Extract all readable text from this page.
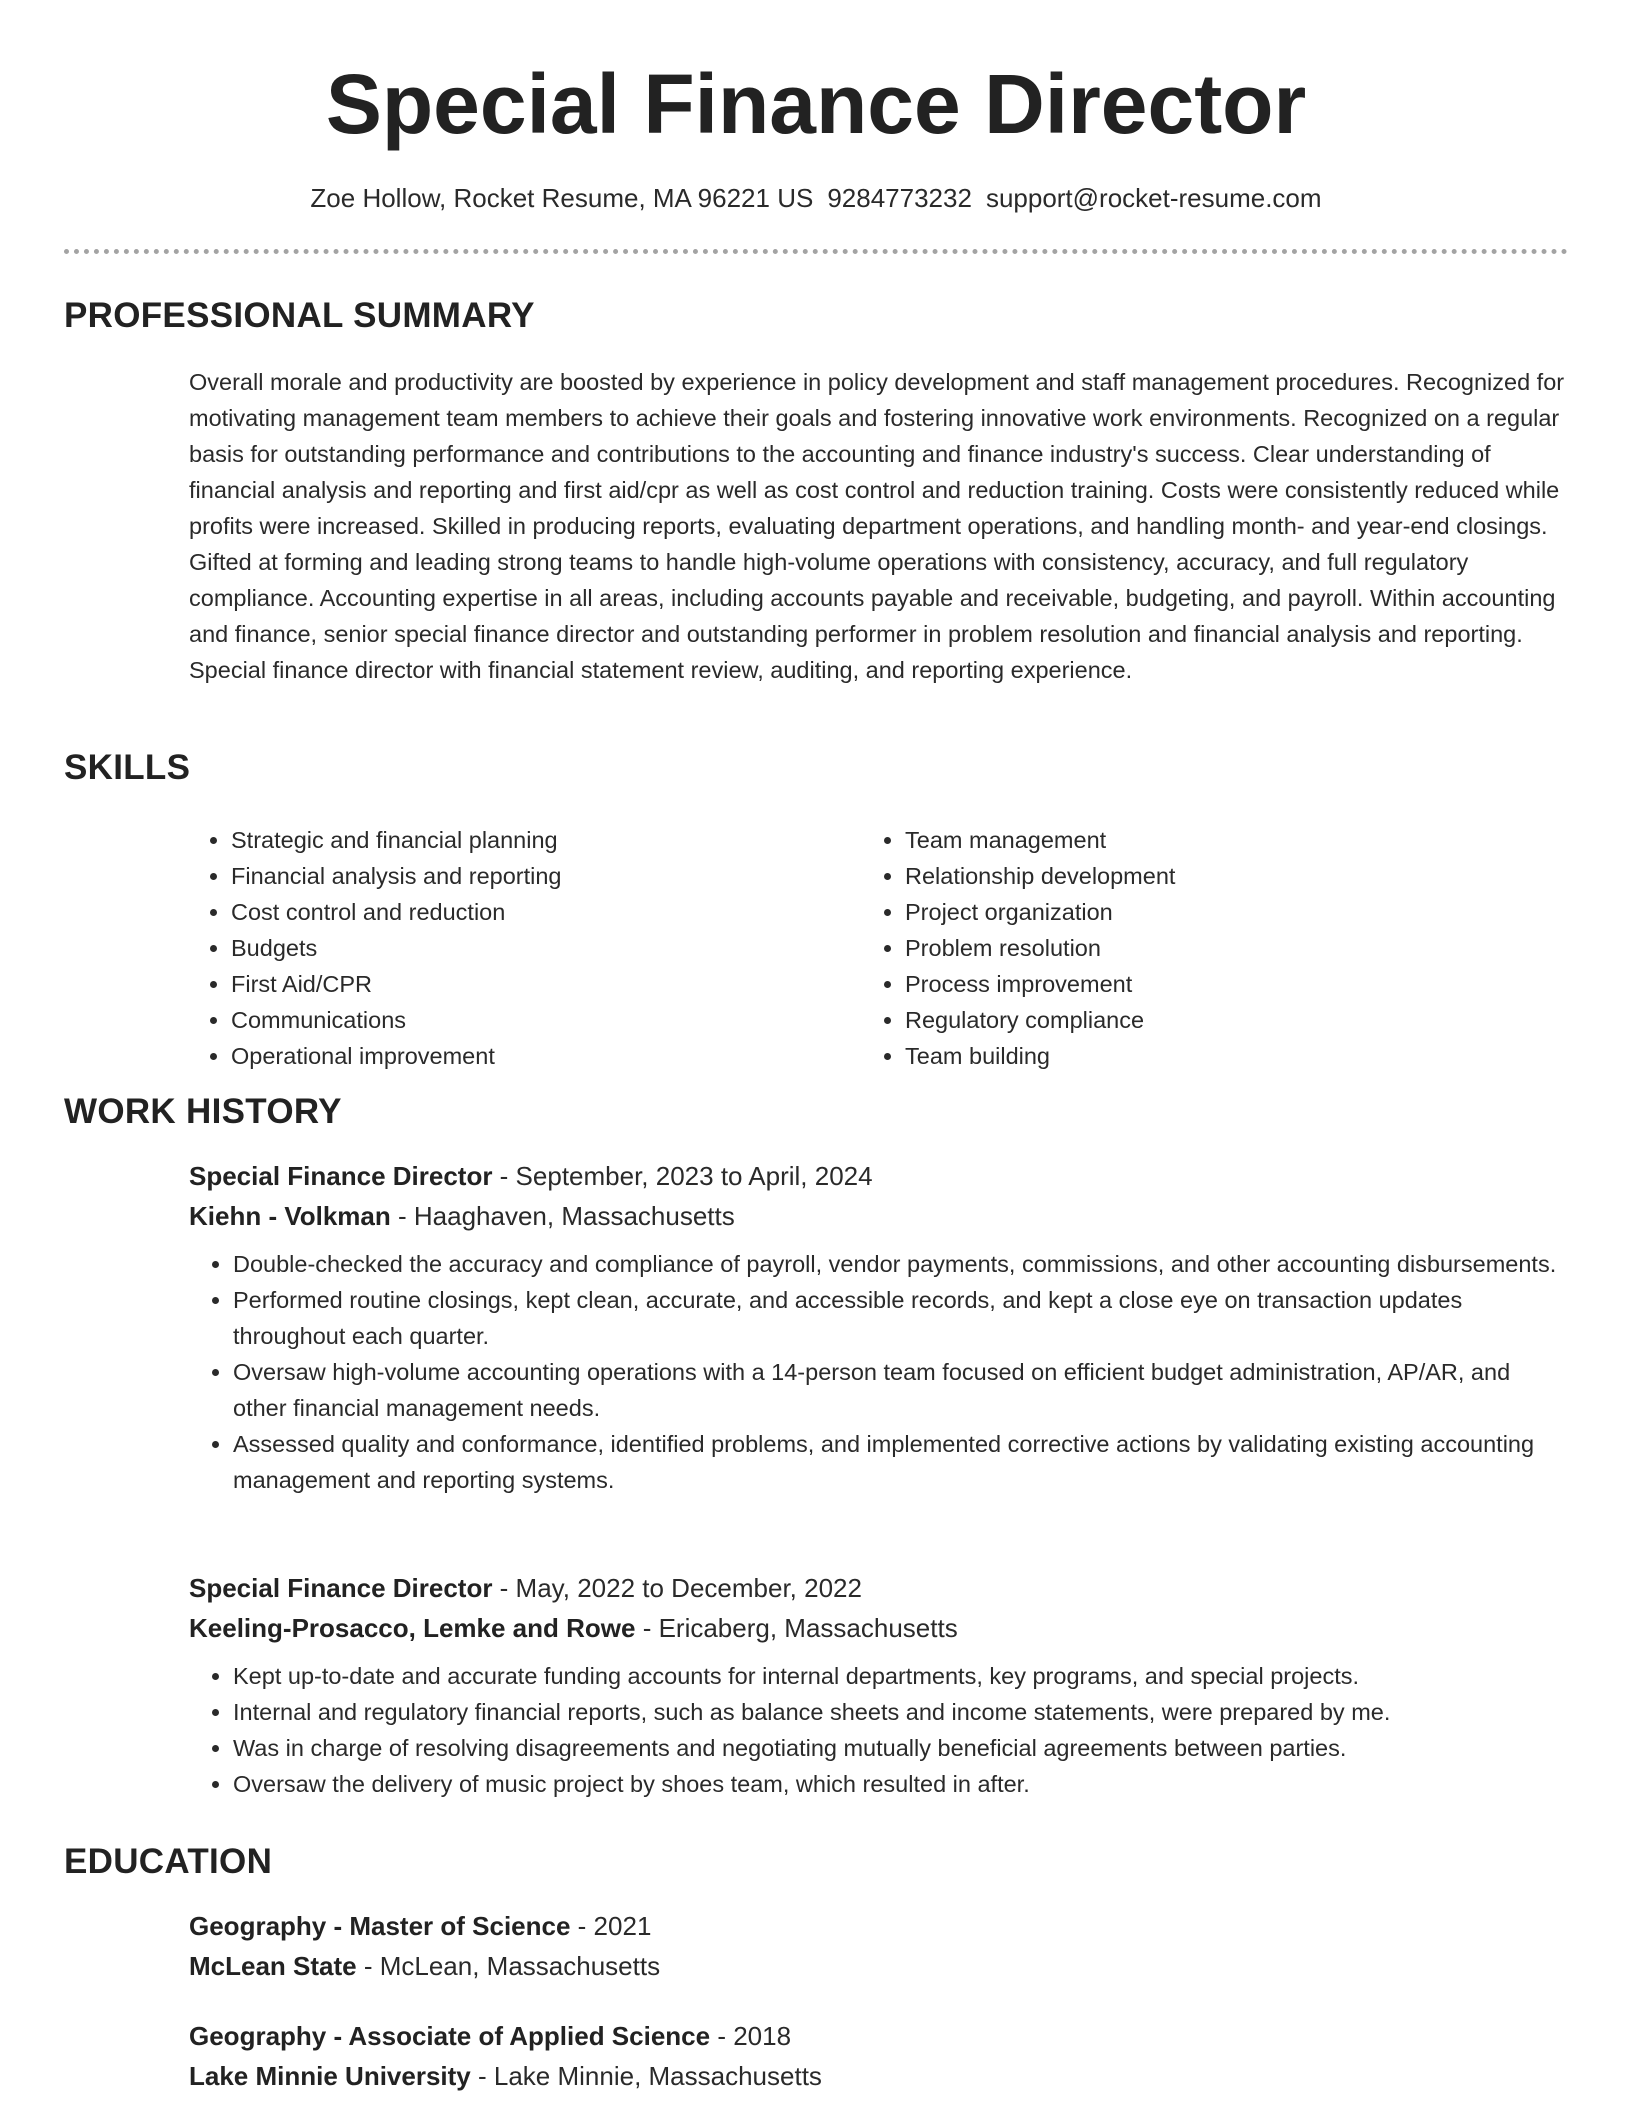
Special Finance Director
Zoe Hollow, Rocket Resume, MA 96221 US 9284773232 support@rocket-resume.com
PROFESSIONAL SUMMARY

Overall morale and productivity are boosted by experience in policy development and staff management procedures. Recognized for motivating management team members to achieve their goals and fostering innovative work environments. Recognized on a regular basis for outstanding performance and contributions to the accounting and finance industry's success. Clear understanding of financial analysis and reporting and first aid/cpr as well as cost control and reduction training. Costs were consistently reduced while profits were increased. Skilled in producing reports, evaluating department operations, and handling month- and year-end closings. Gifted at forming and leading strong teams to handle high-volume operations with consistency, accuracy, and full regulatory compliance. Accounting expertise in all areas, including accounts payable and receivable, budgeting, and payroll. Within accounting and finance, senior special finance director and outstanding performer in problem resolution and financial analysis and reporting. Special finance director with financial statement review, auditing, and reporting experience.

SKILLS
• Strategic and financial planning
• Financial analysis and reporting
• Cost control and reduction
• Budgets
• First Aid/CPR
• Communications
• Operational improvement
• Team management
• Relationship development
• Project organization
• Problem resolution
• Process improvement
• Regulatory compliance
• Team building
WORK HISTORY
Special Finance Director - September, 2023 to April, 2024
Kiehn - Volkman - Haaghaven, Massachusetts
• Double-checked the accuracy and compliance of payroll, vendor payments, commissions, and other accounting disbursements.
• Performed routine closings, kept clean, accurate, and accessible records, and kept a close eye on transaction updates throughout each quarter.
• Oversaw high-volume accounting operations with a 14-person team focused on efficient budget administration, AP/AR, and other financial management needs.
• Assessed quality and conformance, identified problems, and implemented corrective actions by validating existing accounting management and reporting systems.
Special Finance Director - May, 2022 to December, 2022
Keeling-Prosacco, Lemke and Rowe - Ericaberg, Massachusetts
• Kept up-to-date and accurate funding accounts for internal departments, key programs, and special projects.
• Internal and regulatory financial reports, such as balance sheets and income statements, were prepared by me.
• Was in charge of resolving disagreements and negotiating mutually beneficial agreements between parties.
• Oversaw the delivery of music project by shoes team, which resulted in after.
EDUCATION
Geography - Master of Science - 2021
McLean State - McLean, Massachusetts
Geography - Associate of Applied Science - 2018
Lake Minnie University - Lake Minnie, Massachusetts
